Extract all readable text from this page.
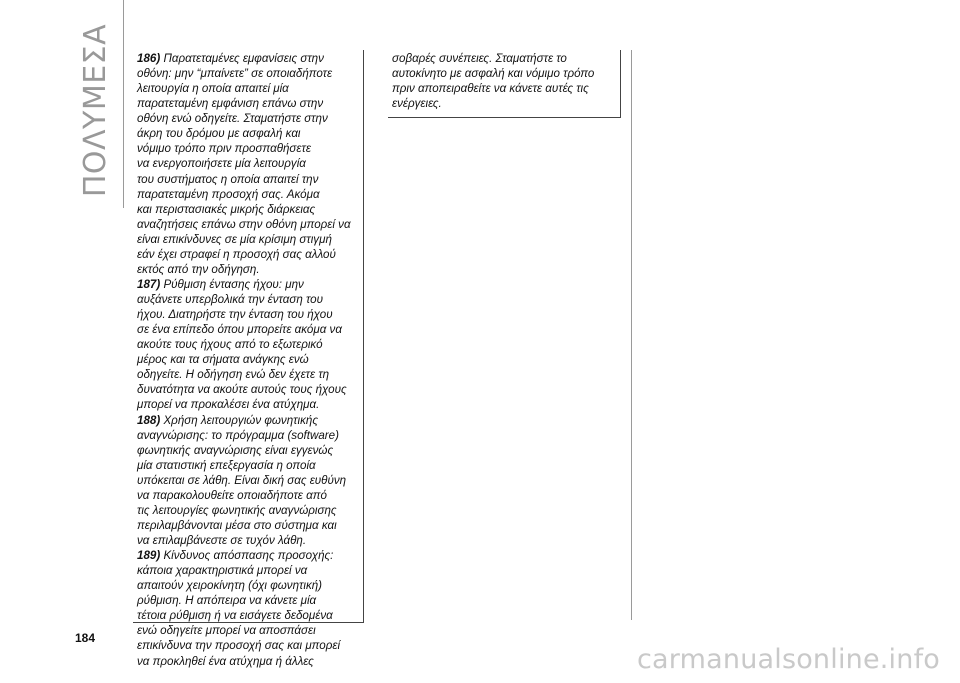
ΠΟΛΥΜΕΣΑ 186) Παρατεταμένες εμφανίσεις στην

οθόνη: μην “μπαίνετε” σε οποιαδήποτε

λειτουργία η οποία απαιτεί μία

παρατεταμένη εμφάνιση επάνω στην

οθόνη ενώ οδηγείτε. Σταματήστε στην

άκρη του δρόμου με ασφαλή και

νόμιμο τρόπο πριν προσπαθήσετε

να ενεργοποιήσετε μία λειτουργία

του συστήματος η οποία απαιτεί την

παρατεταμένη προσοχή σας. Ακόμα

και περιστασιακές μικρής διάρκειας

αναζητήσεις επάνω στην οθόνη μπορεί να

είναι επικίνδυνες σε μία κρίσιμη στιγμή

εάν έχει στραφεί η προσοχή σας αλλού

εκτός από την οδήγηση.

187) Ρύθμιση έντασης ήχου: μην

αυξάνετε υπερβολικά την ένταση του

ήχου. Διατηρήστε την ένταση του ήχου

σε ένα επίπεδο όπου μπορείτε ακόμα να

ακούτε τους ήχους από το εξωτερικό

μέρος και τα σήματα ανάγκης ενώ

οδηγείτε. Η οδήγηση ενώ δεν έχετε τη

δυνατότητα να ακούτε αυτούς τους ήχους

μπορεί να προκαλέσει ένα ατύχημα.

188) Χρήση λειτουργιών φωνητικής

αναγνώρισης: το πρόγραμμα (software)

φωνητικής αναγνώρισης είναι εγγενώς

μία στατιστική επεξεργασία η οποία

υπόκειται σε λάθη. Είναι δική σας ευθύνη

να παρακολουθείτε οποιαδήποτε από

τις λειτουργίες φωνητικής αναγνώρισης

περιλαμβάνονται μέσα στο σύστημα και

να επιλαμβάνεστε σε τυχόν λάθη.

189) Κίνδυνος απόσπασης προσοχής:

κάποια χαρακτηριστικά μπορεί να

απαιτούν χειροκίνητη (όχι φωνητική)

ρύθμιση. Η απόπειρα να κάνετε μία

τέτοια ρύθμιση ή να εισάγετε δεδομένα

ενώ οδηγείτε μπορεί να αποσπάσει

επικίνδυνα την προσοχή σας και μπορεί

να προκληθεί ένα ατύχημα ή άλλες

σοβαρές συνέπειες. Σταματήστε το

αυτοκίνητο με ασφαλή και νόμιμο τρόπο

πριν αποπειραθείτε να κάνετε αυτές τις

ενέργειες.

184
carmanualsonline.info
